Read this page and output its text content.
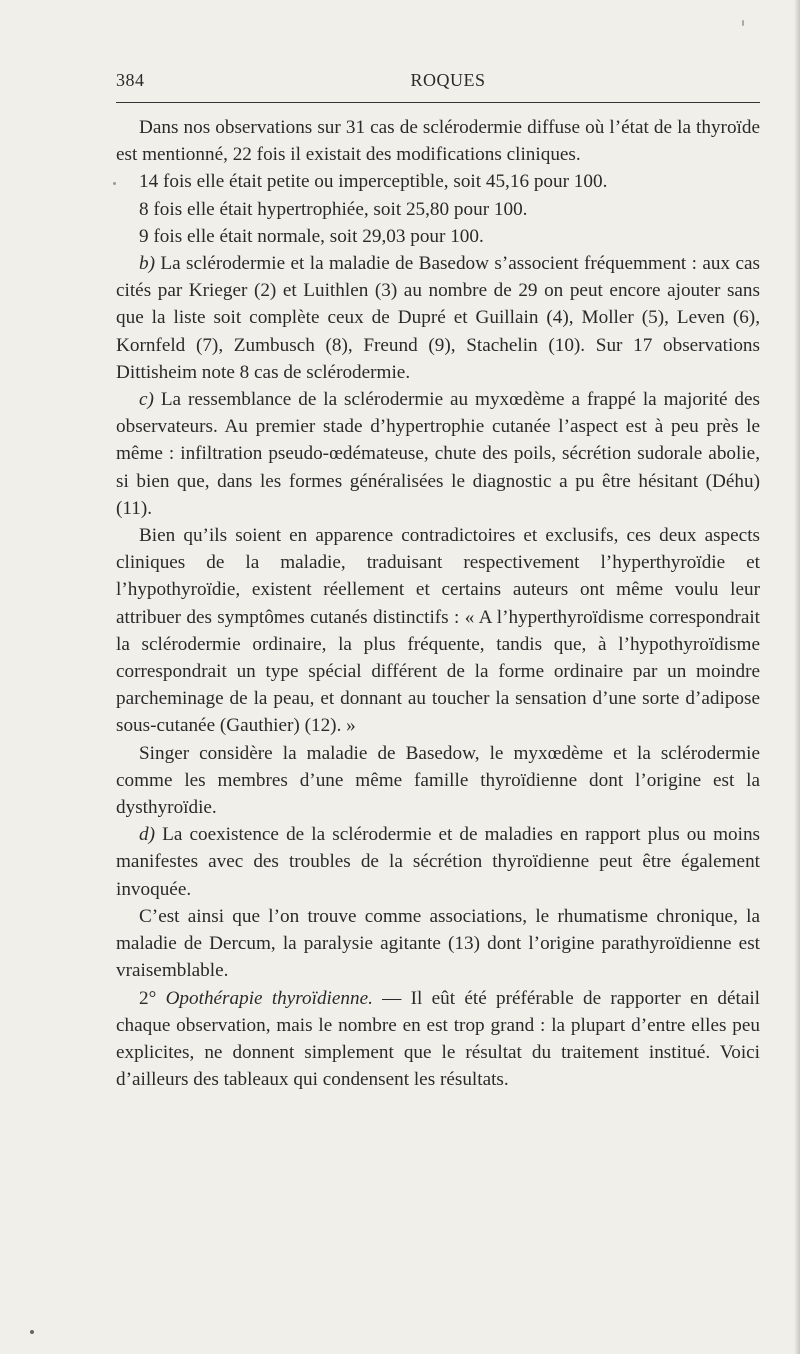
384	ROQUES

Dans nos observations sur 31 cas de sclérodermie diffuse où l’état de la thyroïde est mentionné, 22 fois il existait des modifications cliniques.

14 fois elle était petite ou imperceptible, soit 45,16 pour 100.

8 fois elle était hypertrophiée, soit 25,80 pour 100.

9 fois elle était normale, soit 29,03 pour 100.

b) La sclérodermie et la maladie de Basedow s’associent fréquemment : aux cas cités par Krieger (2) et Luithlen (3) au nombre de 29 on peut encore ajouter sans que la liste soit complète ceux de Dupré et Guillain (4), Moller (5), Leven (6), Kornfeld (7), Zumbusch (8), Freund (9), Stachelin (10). Sur 17 observations Dittisheim note 8 cas de sclérodermie.

c) La ressemblance de la sclérodermie au myxœdème a frappé la majorité des observateurs. Au premier stade d’hypertrophie cutanée l’aspect est à peu près le même : infiltration pseudo-œdémateuse, chute des poils, sécrétion sudorale abolie, si bien que, dans les formes généralisées le diagnostic a pu être hésitant (Déhu) (11).

Bien qu’ils soient en apparence contradictoires et exclusifs, ces deux aspects cliniques de la maladie, traduisant respectivement l’hyperthyroïdie et l’hypothyroïdie, existent réellement et certains auteurs ont même voulu leur attribuer des symptômes cutanés distinctifs : « A l’hyperthyroïdisme correspondrait la sclérodermie ordinaire, la plus fréquente, tandis que, à l’hypothyroïdisme correspondrait un type spécial différent de la forme ordinaire par un moindre parcheminage de la peau, et donnant au toucher la sensation d’une sorte d’adipose sous-cutanée (Gauthier) (12). »

Singer considère la maladie de Basedow, le myxœdème et la sclérodermie comme les membres d’une même famille thyroïdienne dont l’origine est la dysthyroïdie.

d) La coexistence de la sclérodermie et de maladies en rapport plus ou moins manifestes avec des troubles de la sécrétion thyroïdienne peut être également invoquée.

C’est ainsi que l’on trouve comme associations, le rhumatisme chronique, la maladie de Dercum, la paralysie agitante (13) dont l’origine parathyroïdienne est vraisemblable.

2° Opothérapie thyroïdienne. — Il eût été préférable de rapporter en détail chaque observation, mais le nombre en est trop grand : la plupart d’entre elles peu explicites, ne donnent simplement que le résultat du traitement institué. Voici d’ailleurs des tableaux qui condensent les résultats.
